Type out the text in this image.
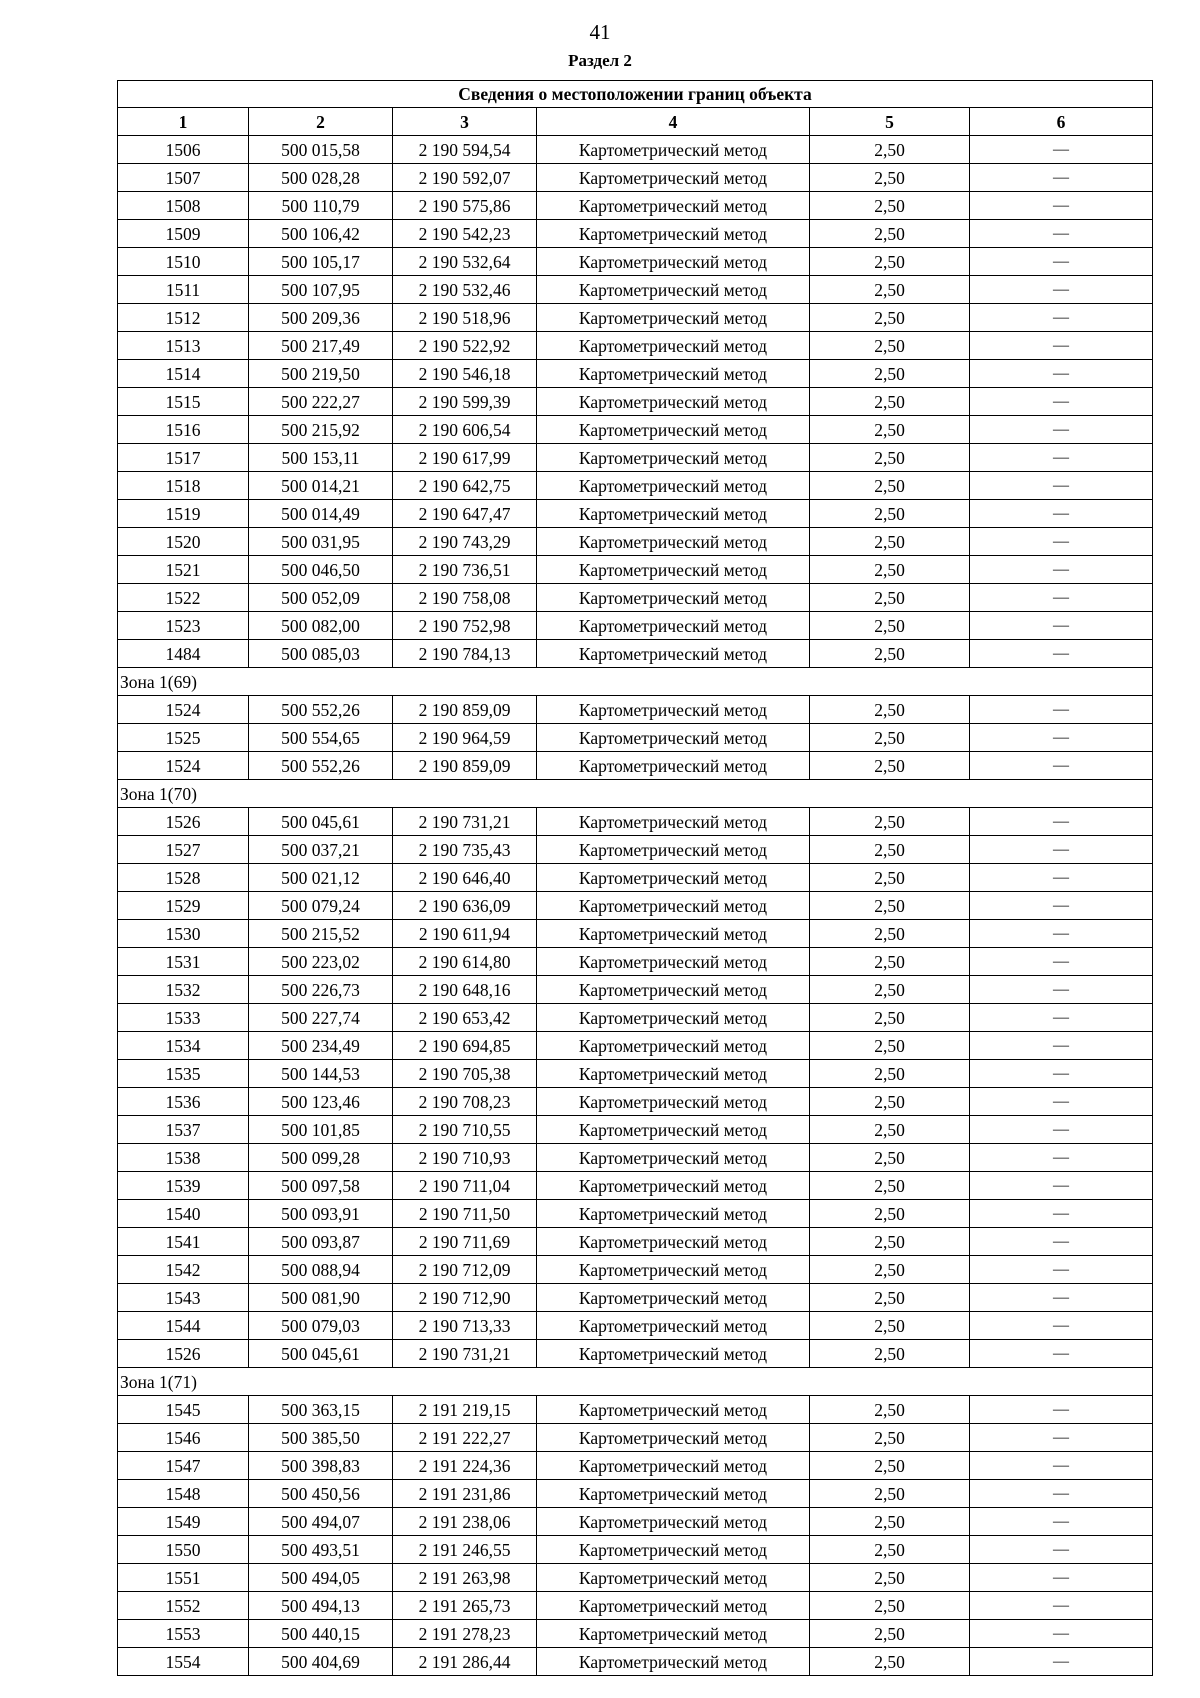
41
Раздел 2
Сведения о местоположении границ объекта					
1	2	3	4	5	6
1506	500 015,58	2 190 594,54	Картометрический метод	2,50	—
1507	500 028,28	2 190 592,07	Картометрический метод	2,50	—
1508	500 110,79	2 190 575,86	Картометрический метод	2,50	—
1509	500 106,42	2 190 542,23	Картометрический метод	2,50	—
1510	500 105,17	2 190 532,64	Картометрический метод	2,50	—
1511	500 107,95	2 190 532,46	Картометрический метод	2,50	—
1512	500 209,36	2 190 518,96	Картометрический метод	2,50	—
1513	500 217,49	2 190 522,92	Картометрический метод	2,50	—
1514	500 219,50	2 190 546,18	Картометрический метод	2,50	—
1515	500 222,27	2 190 599,39	Картометрический метод	2,50	—
1516	500 215,92	2 190 606,54	Картометрический метод	2,50	—
1517	500 153,11	2 190 617,99	Картометрический метод	2,50	—
1518	500 014,21	2 190 642,75	Картометрический метод	2,50	—
1519	500 014,49	2 190 647,47	Картометрический метод	2,50	—
1520	500 031,95	2 190 743,29	Картометрический метод	2,50	—
1521	500 046,50	2 190 736,51	Картометрический метод	2,50	—
1522	500 052,09	2 190 758,08	Картометрический метод	2,50	—
1523	500 082,00	2 190 752,98	Картометрический метод	2,50	—
1484	500 085,03	2 190 784,13	Картометрический метод	2,50	—
Зона 1(69)					
1524	500 552,26	2 190 859,09	Картометрический метод	2,50	—
1525	500 554,65	2 190 964,59	Картометрический метод	2,50	—
1524	500 552,26	2 190 859,09	Картометрический метод	2,50	—
Зона 1(70)					
1526	500 045,61	2 190 731,21	Картометрический метод	2,50	—
1527	500 037,21	2 190 735,43	Картометрический метод	2,50	—
1528	500 021,12	2 190 646,40	Картометрический метод	2,50	—
1529	500 079,24	2 190 636,09	Картометрический метод	2,50	—
1530	500 215,52	2 190 611,94	Картометрический метод	2,50	—
1531	500 223,02	2 190 614,80	Картометрический метод	2,50	—
1532	500 226,73	2 190 648,16	Картометрический метод	2,50	—
1533	500 227,74	2 190 653,42	Картометрический метод	2,50	—
1534	500 234,49	2 190 694,85	Картометрический метод	2,50	—
1535	500 144,53	2 190 705,38	Картометрический метод	2,50	—
1536	500 123,46	2 190 708,23	Картометрический метод	2,50	—
1537	500 101,85	2 190 710,55	Картометрический метод	2,50	—
1538	500 099,28	2 190 710,93	Картометрический метод	2,50	—
1539	500 097,58	2 190 711,04	Картометрический метод	2,50	—
1540	500 093,91	2 190 711,50	Картометрический метод	2,50	—
1541	500 093,87	2 190 711,69	Картометрический метод	2,50	—
1542	500 088,94	2 190 712,09	Картометрический метод	2,50	—
1543	500 081,90	2 190 712,90	Картометрический метод	2,50	—
1544	500 079,03	2 190 713,33	Картометрический метод	2,50	—
1526	500 045,61	2 190 731,21	Картометрический метод	2,50	—
Зона 1(71)					
1545	500 363,15	2 191 219,15	Картометрический метод	2,50	—
1546	500 385,50	2 191 222,27	Картометрический метод	2,50	—
1547	500 398,83	2 191 224,36	Картометрический метод	2,50	—
1548	500 450,56	2 191 231,86	Картометрический метод	2,50	—
1549	500 494,07	2 191 238,06	Картометрический метод	2,50	—
1550	500 493,51	2 191 246,55	Картометрический метод	2,50	—
1551	500 494,05	2 191 263,98	Картометрический метод	2,50	—
1552	500 494,13	2 191 265,73	Картометрический метод	2,50	—
1553	500 440,15	2 191 278,23	Картометрический метод	2,50	—
1554	500 404,69	2 191 286,44	Картометрический метод	2,50	—
